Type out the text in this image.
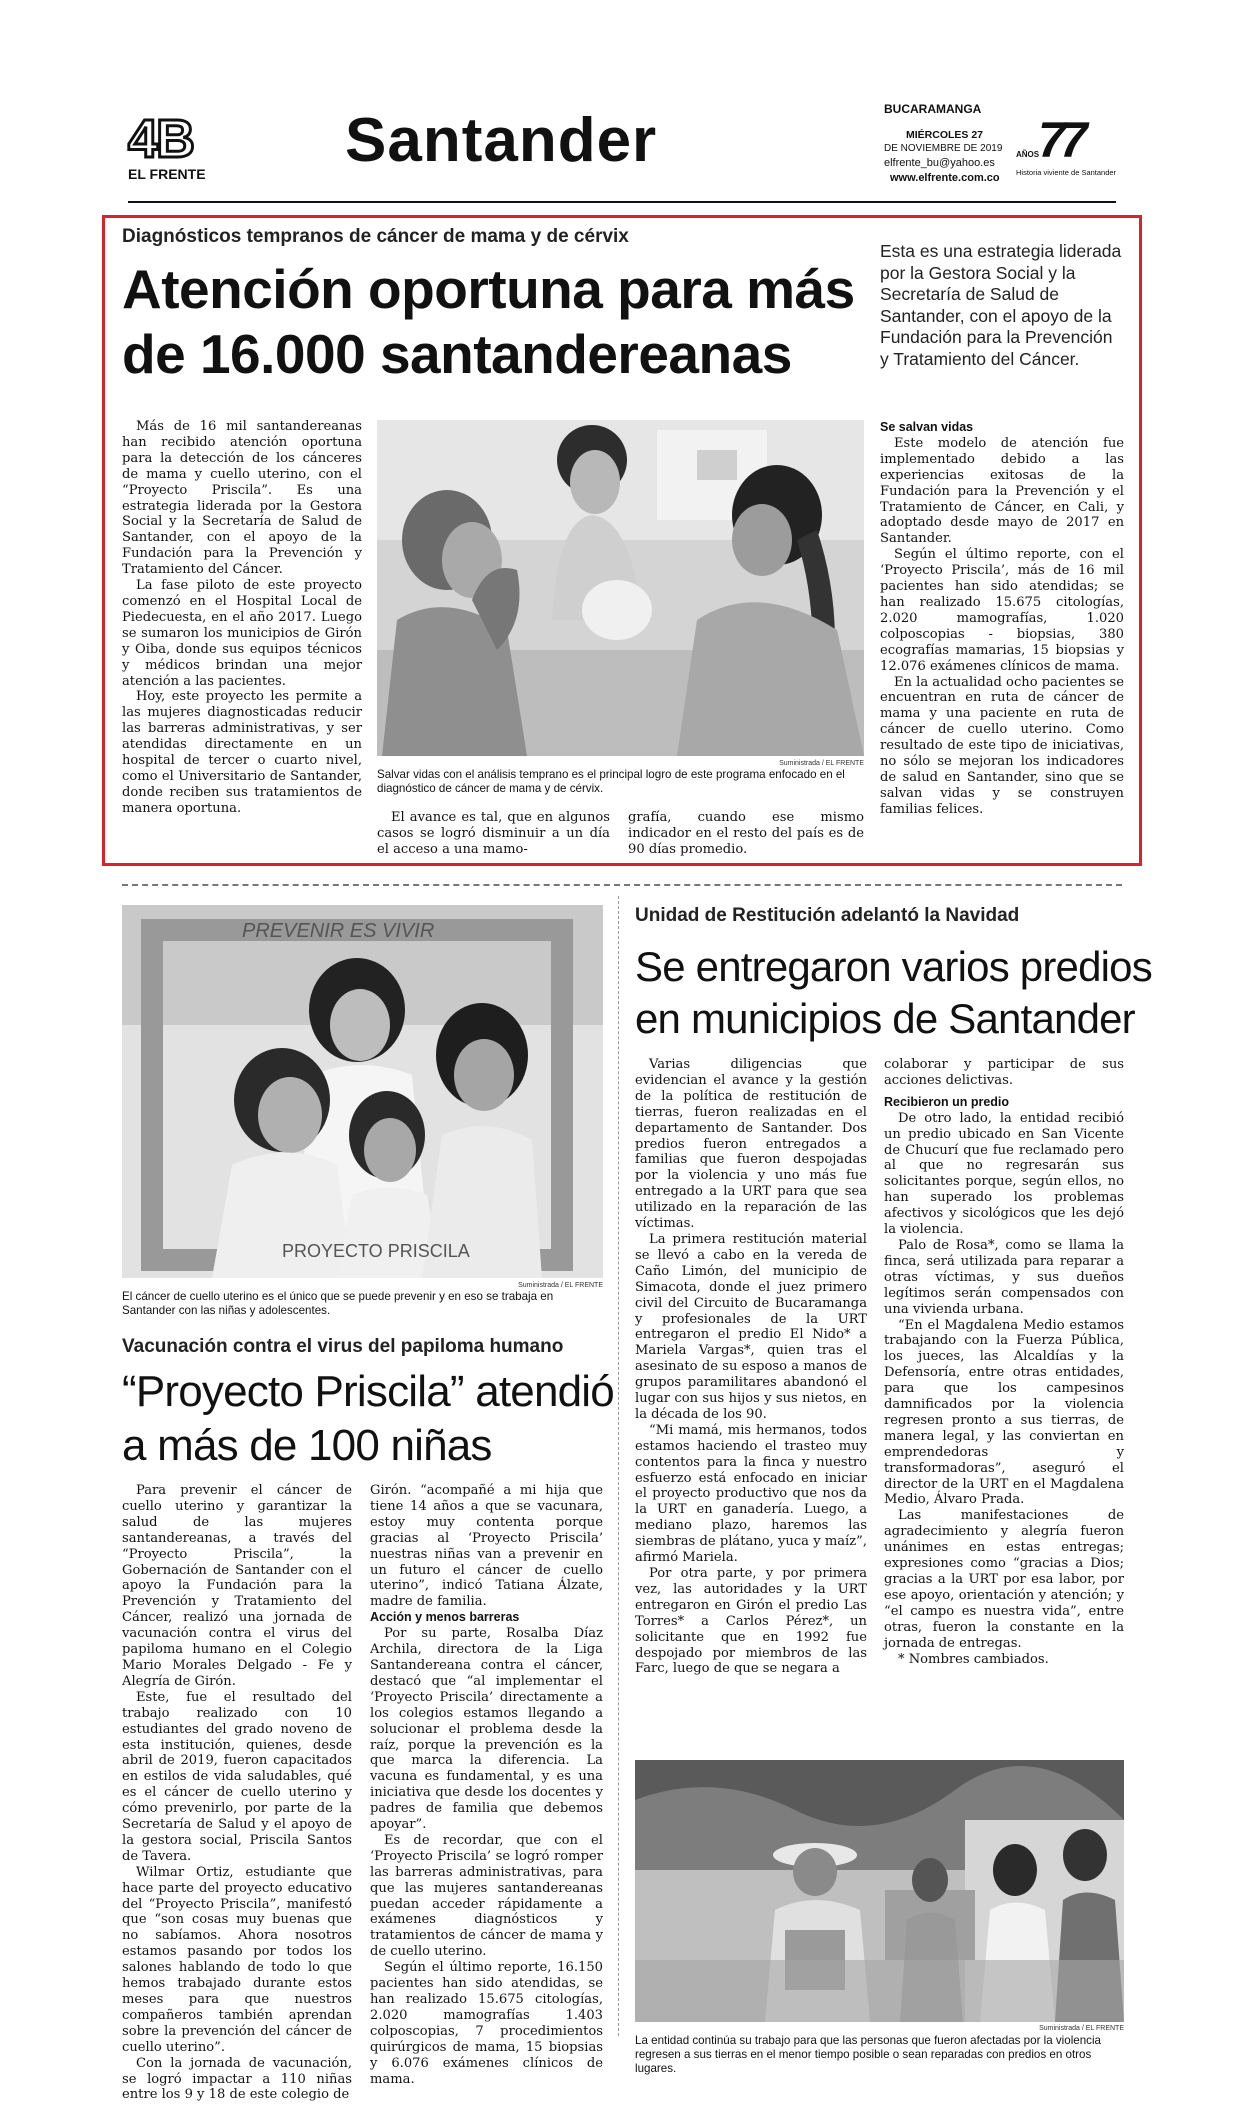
4B
EL FRENTE Santander	BUCARAMANGA
MIÉRCOLES 27
DE NOVIEMBRE DE 2019
elfrente_bu@yahoo.es
www.elfrente.com.co
77
AÑOS
Historia viviente de Santander
Diagnósticos tempranos de cáncer de mama y de cérvix
Atención oportuna para más
de 16.000 santandereanas
Esta es una estrategia liderada por la Gestora Social y la Secretaría de Salud de Santander, con el apoyo de la Fundación para la Prevención y Tratamiento del Cáncer.

Más de 16 mil santandereanas han recibido atención oportuna para la detección de los cánceres de mama y cuello uterino, con el “Proyecto Priscila”. Es una estrategia liderada por la Gestora Social y la Secretaría de Salud de Santander, con el apoyo de la Fundación para la Prevención y Tratamiento del Cáncer.

La fase piloto de este proyecto comenzó en el Hospital Local de Piedecuesta, en el año 2017. Luego se sumaron los municipios de Girón y Oiba, donde sus equipos técnicos y médicos brindan una mejor atención a las pacientes.

Hoy, este proyecto les permite a las mujeres diagnosticadas reducir las barreras administrativas, y ser atendidas directamente en un hospital de tercer o cuarto nivel, como el Universitario de Santander, donde reciben sus tratamientos de manera oportuna.

Suministrada / EL FRENTE
Salvar vidas con el análisis temprano es el principal logro de este programa enfocado en el diagnóstico de cáncer de mama y de cérvix.

El avance es tal, que en algunos casos se logró disminuir a un día el acceso a una mamo-

grafía, cuando ese mismo indicador en el resto del país es de 90 días promedio.

Se salvan vidas

Este modelo de atención fue implementado debido a las experiencias exitosas de la Fundación para la Prevención y el Tratamiento de Cáncer, en Cali, y adoptado desde mayo de 2017 en Santander.

Según el último reporte, con el ‘Proyecto Priscila’, más de 16 mil pacientes han sido atendidas; se han realizado 15.675 citologías, 2.020 mamografías, 1.020 colposcopias - biopsias, 380 ecografías mamarias, 15 biopsias y 12.076 exámenes clínicos de mama.

En la actualidad ocho pacientes se encuentran en ruta de cáncer de mama y una paciente en ruta de cáncer de cuello uterino. Como resultado de este tipo de iniciativas, no sólo se mejoran los indicadores de salud en Santander, sino que se salvan vidas y se construyen familias felices.

PREVENIR ES VIVIR
PROYECTO PRISCILA
Suministrada / EL FRENTE
El cáncer de cuello uterino es el único que se puede prevenir y en eso se trabaja en Santander con las niñas y adolescentes.
Vacunación contra el virus del papiloma humano
“Proyecto Priscila” atendió
a más de 100 niñas

Para prevenir el cáncer de cuello uterino y garantizar la salud de las mujeres santandereanas, a través del “Proyecto Priscila”, la Gobernación de Santander con el apoyo la Fundación para la Prevención y Tratamiento del Cáncer, realizó una jornada de vacunación contra el virus del papiloma humano en el Colegio Mario Morales Delgado - Fe y Alegría de Girón.

Este, fue el resultado del trabajo realizado con 10 estudiantes del grado noveno de esta institución, quienes, desde abril de 2019, fueron capacitados en estilos de vida saludables, qué es el cáncer de cuello uterino y cómo prevenirlo, por parte de la Secretaría de Salud y el apoyo de la gestora social, Priscila Santos de Tavera.

Wilmar Ortiz, estudiante que hace parte del proyecto educativo del “Proyecto Priscila”, manifestó que “son cosas muy buenas que no sabíamos. Ahora nosotros estamos pasando por todos los salones hablando de todo lo que hemos trabajado durante estos meses para que nuestros compañeros también aprendan sobre la prevención del cáncer de cuello uterino”.

Con la jornada de vacunación, se logró impactar a 110 niñas entre los 9 y 18 de este colegio de

Girón. “acompañé a mi hija que tiene 14 años a que se vacunara, estoy muy contenta porque gracias al ‘Proyecto Priscila’ nuestras niñas van a prevenir en un futuro el cáncer de cuello uterino”, indicó Tatiana Álzate, madre de familia.

Acción y menos barreras

Por su parte, Rosalba Díaz Archila, directora de la Liga Santandereana contra el cáncer, destacó que “al implementar el ‘Proyecto Priscila’ directamente a los colegios estamos llegando a solucionar el problema desde la raíz, porque la prevención es la que marca la diferencia. La vacuna es fundamental, y es una iniciativa que desde los docentes y padres de familia que debemos apoyar”.

Es de recordar, que con el ‘Proyecto Priscila’ se logró romper las barreras administrativas, para que las mujeres santandereanas puedan acceder rápidamente a exámenes diagnósticos y tratamientos de cáncer de mama y de cuello uterino.

Según el último reporte, 16.150 pacientes han sido atendidas, se han realizado 15.675 citologías, 2.020 mamografías 1.403 colposcopias, 7 procedimientos quirúrgicos de mama, 15 biopsias y 6.076 exámenes clínicos de mama.

Unidad de Restitución adelantó la Navidad
Se entregaron varios predios
en municipios de Santander

Varias diligencias que evidencian el avance y la gestión de la política de restitución de tierras, fueron realizadas en el departamento de Santander. Dos predios fueron entregados a familias que fueron despojadas por la violencia y uno más fue entregado a la URT para que sea utilizado en la reparación de las víctimas.

La primera restitución material se llevó a cabo en la vereda de Caño Limón, del municipio de Simacota, donde el juez primero civil del Circuito de Bucaramanga y profesionales de la URT entregaron el predio El Nido* a Mariela Vargas*, quien tras el asesinato de su esposo a manos de grupos paramilitares abandonó el lugar con sus hijos y sus nietos, en la década de los 90.

“Mi mamá, mis hermanos, todos estamos haciendo el trasteo muy contentos para la finca y nuestro esfuerzo está enfocado en iniciar el proyecto productivo que nos da la URT en ganadería. Luego, a mediano plazo, haremos las siembras de plátano, yuca y maíz”, afirmó Mariela.

Por otra parte, y por primera vez, las autoridades y la URT entregaron en Girón el predio Las Torres* a Carlos Pérez*, un solicitante que en 1992 fue despojado por miembros de las Farc, luego de que se negara a

colaborar y participar de sus acciones delictivas.

Recibieron un predio

De otro lado, la entidad recibió un predio ubicado en San Vicente de Chucurí que fue reclamado pero al que no regresarán sus solicitantes porque, según ellos, no han superado los problemas afectivos y sicológicos que les dejó la violencia.

Palo de Rosa*, como se llama la finca, será utilizada para reparar a otras víctimas, y sus dueños legítimos serán compensados con una vivienda urbana.

“En el Magdalena Medio estamos trabajando con la Fuerza Pública, los jueces, las Alcaldías y la Defensoría, entre otras entidades, para que los campesinos damnificados por la violencia regresen pronto a sus tierras, de manera legal, y las conviertan en emprendedoras y transformadoras”, aseguró el director de la URT en el Magdalena Medio, Álvaro Prada.

Las manifestaciones de agradecimiento y alegría fueron unánimes en estas entregas; expresiones como “gracias a Dios; gracias a la URT por esa labor, por ese apoyo, orientación y atención; y “el campo es nuestra vida”, entre otras, fueron la constante en la jornada de entregas.

* Nombres cambiados.

Suministrada / EL FRENTE
La entidad continúa su trabajo para que las personas que fueron afectadas por la violencia regresen a sus tierras en el menor tiempo posible o sean reparadas con predios en otros lugares.
